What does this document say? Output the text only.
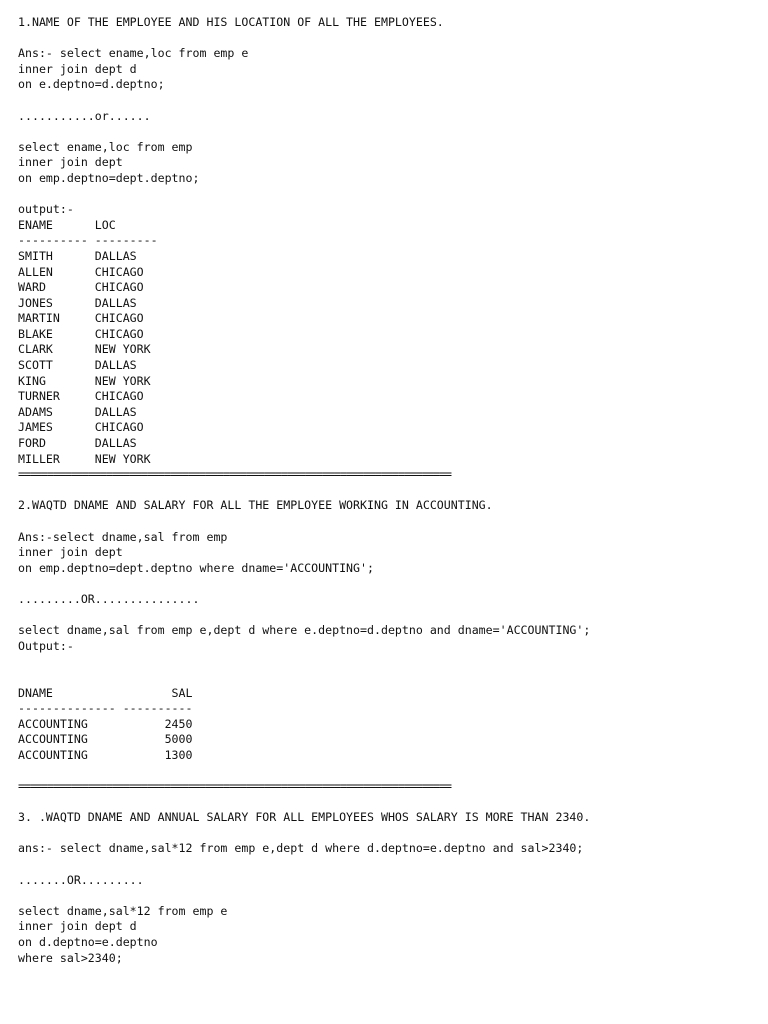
1.NAME OF THE EMPLOYEE AND HIS LOCATION OF ALL THE EMPLOYEES.
Ans:- select ename,loc from emp e
inner join dept d
on e.deptno=d.deptno;
...........or......
select ename,loc from emp
inner join dept
on emp.deptno=dept.deptno;
output:-
ENAME      LOC
---------- ---------
SMITH      DALLAS
ALLEN      CHICAGO
WARD       CHICAGO
JONES      DALLAS
MARTIN     CHICAGO
BLAKE      CHICAGO
CLARK      NEW YORK
SCOTT      DALLAS
KING       NEW YORK
TURNER     CHICAGO
ADAMS      DALLAS
JAMES      CHICAGO
FORD       DALLAS
MILLER     NEW YORK
==========================================================================
2.WAQTD DNAME AND SALARY FOR ALL THE EMPLOYEE WORKING IN ACCOUNTING.
Ans:-select dname,sal from emp
inner join dept
on emp.deptno=dept.deptno where dname='ACCOUNTING';
.........OR...............
select dname,sal from emp e,dept d where e.deptno=d.deptno and dname='ACCOUNTING';
Output:-
DNAME                 SAL
-------------- ----------
ACCOUNTING           2450
ACCOUNTING           5000
ACCOUNTING           1300
==========================================================================
3. .WAQTD DNAME AND ANNUAL SALARY FOR ALL EMPLOYEES WHOS SALARY IS MORE THAN 2340.
ans:- select dname,sal*12 from emp e,dept d where d.deptno=e.deptno and sal>2340;
.......OR.........
select dname,sal*12 from emp e
inner join dept d
on d.deptno=e.deptno
where sal>2340;
